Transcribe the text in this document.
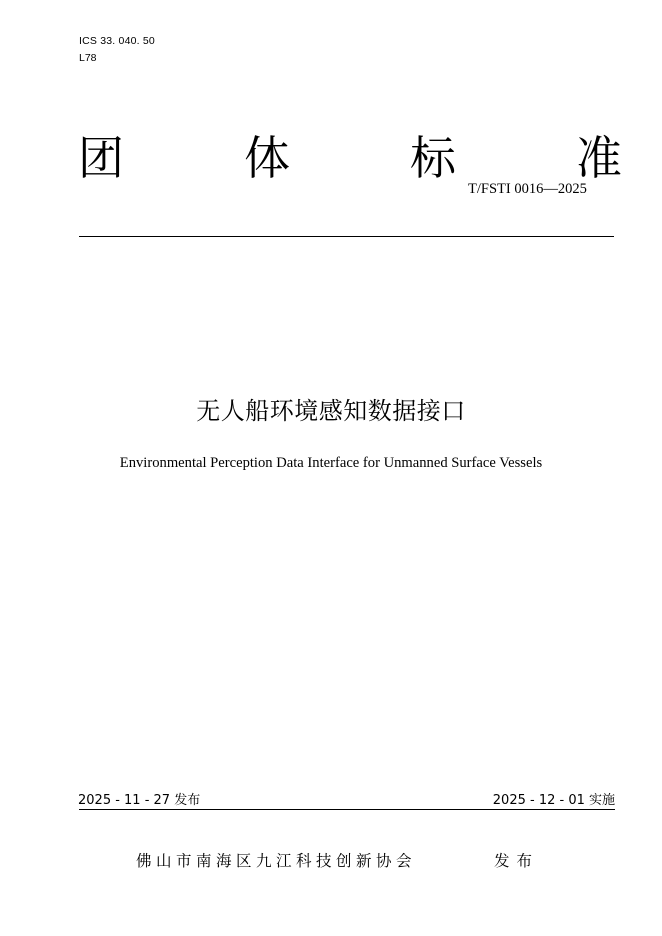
ICS 33. 040. 50
L78
团	体	标	准
T/FSTI 0016—2025
无人船环境感知数据接口
Environmental Perception Data Interface for Unmanned Surface Vessels
2025 - 11 - 27 发布	2025 - 12 - 01 实施
佛山市南海区九江科技创新协会	发布
